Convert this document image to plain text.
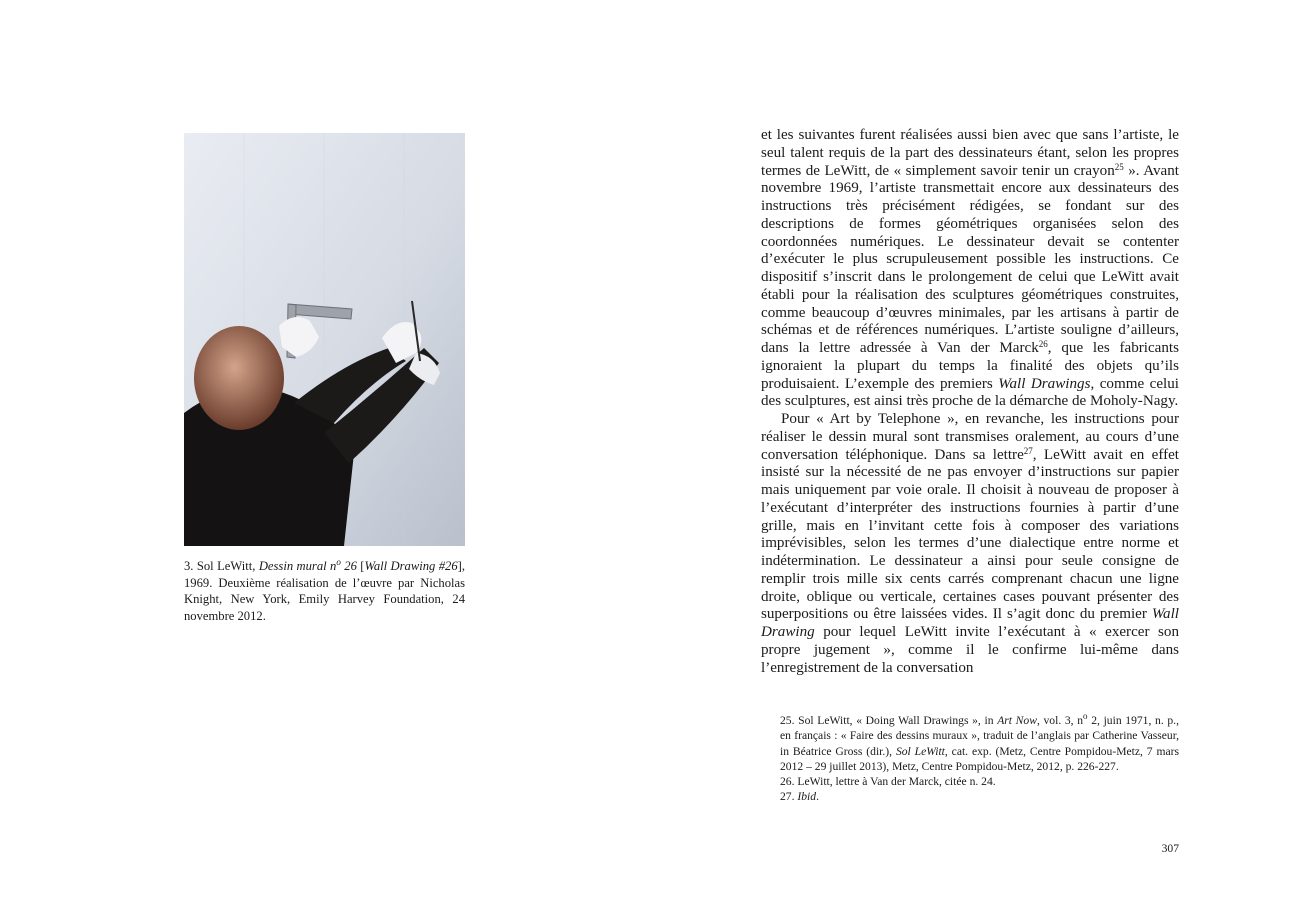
3. Sol LeWitt, Dessin mural $n^o$ 26 [Wall Drawing #26], 1969. Deuxième réalisation de l’œuvre par Nicholas Knight, New York, Emily Harvey Foundation, 24 novembre 2012.

et les suivantes furent réalisées aussi bien avec que sans l’artiste, le seul talent requis de la part des dessinateurs étant, selon les propres termes de LeWitt, de « simplement savoir tenir un crayon$^{25}$ ». Avant novembre 1969, l’artiste transmettait encore aux dessinateurs des instructions très précisément rédigées, se fondant sur des descriptions de formes géométriques organisées selon des coordonnées numériques. Le dessinateur devait se contenter d’exécuter le plus scrupuleusement possible les instructions. Ce dispositif s’inscrit dans le prolongement de celui que LeWitt avait établi pour la réalisation des sculptures géométriques construites, comme beaucoup d’œuvres minimales, par les artisans à partir de schémas et de références numériques. L’artiste souligne d’ailleurs, dans la lettre adressée à Van der Marck$^{26}$, que les fabricants ignoraient la plupart du temps la finalité des objets qu’ils produisaient. L’exemple des premiers Wall Drawings, comme celui des sculptures, est ainsi très proche de la démarche de Moholy-Nagy.

Pour « Art by Telephone », en revanche, les instructions pour réaliser le dessin mural sont transmises oralement, au cours d’une conversation téléphonique. Dans sa lettre$^{27}$, LeWitt avait en effet insisté sur la nécessité de ne pas envoyer d’instructions sur papier mais uniquement par voie orale. Il choisit à nouveau de proposer à l’exécutant d’interpréter des instructions fournies à partir d’une grille, mais en l’invitant cette fois à composer des variations imprévisibles, selon les termes d’une dialectique entre norme et indétermination. Le dessinateur a ainsi pour seule consigne de remplir trois mille six cents carrés comprenant chacun une ligne droite, oblique ou verticale, certaines cases pouvant présenter des superpositions ou être laissées vides. Il s’agit donc du premier Wall Drawing pour lequel LeWitt invite l’exécutant à « exercer son propre jugement », comme il le confirme lui-même dans l’enregistrement de la conversation

25. Sol LeWitt, « Doing Wall Drawings », in Art Now, vol. 3, $n^o$ 2, juin 1971, n. p., en français : « Faire des dessins muraux », traduit de l’anglais par Catherine Vasseur, in Béatrice Gross (dir.), Sol LeWitt, cat. exp. (Metz, Centre Pompidou-Metz, 7 mars 2012 – 29 juillet 2013), Metz, Centre Pompidou-Metz, 2012, p. 226-227.

26. LeWitt, lettre à Van der Marck, citée n. 24.

27. Ibid.

307
